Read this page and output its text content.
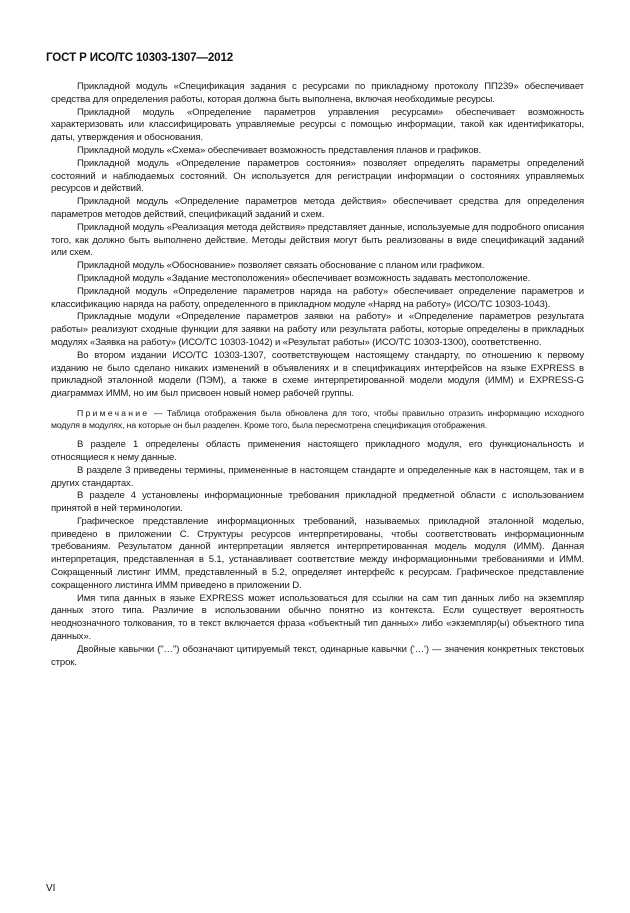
ГОСТ Р ИСО/ТС 10303-1307—2012

Прикладной модуль «Спецификация задания с ресурсами по прикладному протоколу ПП239» обеспечивает средства для определения работы, которая должна быть выполнена, включая необходимые ресурсы.

Прикладной модуль «Определение параметров управления ресурсами» обеспечивает возможность характеризовать или классифицировать управляемые ресурсы с помощью информации, такой как идентификаторы, даты, утверждения и обоснования.

Прикладной модуль «Схема» обеспечивает возможность представления планов и графиков.

Прикладной модуль «Определение параметров состояния» позволяет определять параметры определений состояний и наблюдаемых состояний. Он используется для регистрации информации о состояниях управляемых ресурсов и действий.

Прикладной модуль «Определение параметров метода действия» обеспечивает средства для определения параметров методов действий, спецификаций заданий и схем.

Прикладной модуль «Реализация метода действия» представляет данные, используемые для подробного описания того, как должно быть выполнено действие. Методы действия могут быть реализованы в виде спецификаций заданий или схем.

Прикладной модуль «Обоснование» позволяет связать обоснование с планом или графиком.

Прикладной модуль «Задание местоположения» обеспечивает возможность задавать местоположение.

Прикладной модуль «Определение параметров наряда на работу» обеспечивает определение параметров и классификацию наряда на работу, определенного в прикладном модуле «Наряд на работу» (ИСО/ТС 10303-1043).

Прикладные модули «Определение параметров заявки на работу» и «Определение параметров результата работы» реализуют сходные функции для заявки на работу или результата работы, которые определены в прикладных модулях «Заявка на работу» (ИСО/ТС 10303-1042) и «Результат работы» (ИСО/ТС 10303-1300), соответственно.

Во втором издании ИСО/ТС 10303-1307, соответствующем настоящему стандарту, по отношению к первому изданию не было сделано никаких изменений в объявлениях и в спецификациях интерфейсов на языке EXPRESS в прикладной эталонной модели (ПЭМ), а также в схеме интерпретированной модели модуля (ИММ) и EXPRESS-G диаграммах ИММ, но им был присвоен новый номер рабочей группы.

Примечание — Таблица отображения была обновлена для того, чтобы правильно отразить информацию исходного модуля в модулях, на которые он был разделен. Кроме того, была пересмотрена спецификация отображения.

В разделе 1 определены область применения настоящего прикладного модуля, его функциональность и относящиеся к нему данные.

В разделе 3 приведены термины, примененные в настоящем стандарте и определенные как в настоящем, так и в других стандартах.

В разделе 4 установлены информационные требования прикладной предметной области с использованием принятой в ней терминологии.

Графическое представление информационных требований, называемых прикладной эталонной моделью, приведено в приложении С. Структуры ресурсов интерпретированы, чтобы соответствовать информационным требованиям. Результатом данной интерпретации является интерпретированная модель модуля (ИММ). Данная интерпретация, представленная в 5.1, устанавливает соответствие между информационными требованиями и ИММ. Сокращенный листинг ИММ, представленный в 5.2, определяет интерфейс к ресурсам. Графическое представление сокращенного листинга ИММ приведено в приложении D.

Имя типа данных в языке EXPRESS может использоваться для ссылки на сам тип данных либо на экземпляр данных этого типа. Различие в использовании обычно понятно из контекста. Если существует вероятность неоднозначного толкования, то в текст включается фраза «объектный тип данных» либо «экземпляр(ы) объектного типа данных».

Двойные кавычки ("…") обозначают цитируемый текст, одинарные кавычки ('…') — значения конкретных текстовых строк.

VI
